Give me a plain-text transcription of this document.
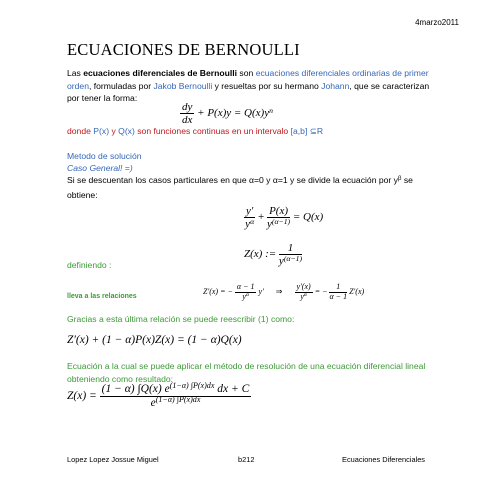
4marzo2011
ECUACIONES DE BERNOULLI
Las ecuaciones diferenciales de Bernoulli son ecuaciones diferenciales ordinarias de primer orden, formuladas por Jakob Bernoulli y resueltas por su hermano Johann, que se caracterizan por tener la forma:
$\frac{dy}{dx} + P(x)y = Q(x)y^n$
donde P(x) y Q(x) son funciones continuas en un intervalo [a,b] ⊆R
Metodo de solución
Caso General! =)
Si se descuentan los casos particulares en que α=0 y α=1 y se divide la ecuación por $y^\beta$ se obtiene:
$\frac{y'}{y^\alpha} + \frac{P(x)}{y^{(\alpha-1)}} = Q(x)$
definiendo :
Z(x) := $\frac{1}{y^{(\alpha-1)}}$
lleva a las relaciones
Z′(x) = − $\frac{\alpha - 1}{y^\alpha} y'$ ⇒ $\frac{y'(x)}{y^\alpha}$ = − $\frac{1}{\alpha - 1} Z'(x)$
Gracias a esta última relación se puede reescribir (1) como:
Z′(x) + (1 − α)P(x)Z(x) = (1 − α)Q(x)
Ecuación a la cual se puede aplicar el método de resolución de una ecuación diferencial lineal obteniendo como resultado:
$Z(x) = \frac{(1 - \alpha) \int Q(x) e^{(1-\alpha) \int P(x)dx} dx + C}{e^{(1-\alpha) \int P(x)dx}}$
Lopez Lopez Jossue Miguel	b212	Ecuaciones Diferenciales
